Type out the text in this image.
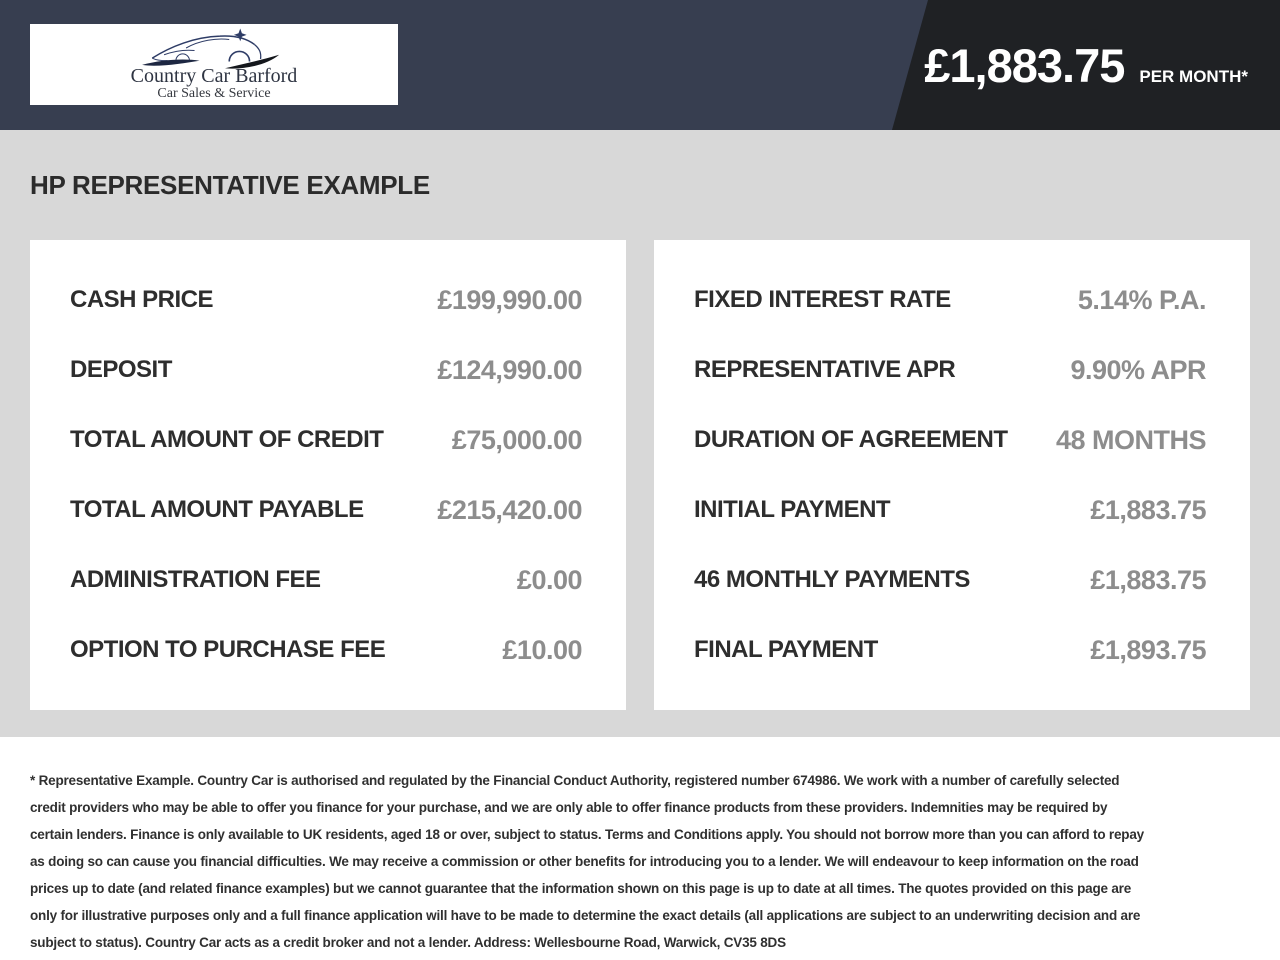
Country Car Barford
Car Sales & Service
£1,883.75 PER MONTH*
HP REPRESENTATIVE EXAMPLE
CASH PRICE	£199,990.00
DEPOSIT	£124,990.00
TOTAL AMOUNT OF CREDIT	£75,000.00
TOTAL AMOUNT PAYABLE	£215,420.00
ADMINISTRATION FEE	£0.00
OPTION TO PURCHASE FEE	£10.00
FIXED INTEREST RATE	5.14% P.A.
REPRESENTATIVE APR	9.90% APR
DURATION OF AGREEMENT 48 MONTHS
INITIAL PAYMENT	£1,883.75
46 MONTHLY PAYMENTS	£1,883.75
FINAL PAYMENT	£1,893.75

* Representative Example. Country Car is authorised and regulated by the Financial Conduct Authority, registered number 674986. We work with a number of carefully selected credit providers who may be able to offer you finance for your purchase, and we are only able to offer finance products from these providers. Indemnities may be required by certain lenders. Finance is only available to UK residents, aged 18 or over, subject to status. Terms and Conditions apply. You should not borrow more than you can afford to repay as doing so can cause you financial difficulties. We may receive a commission or other benefits for introducing you to a lender. We will endeavour to keep information on the road prices up to date (and related finance examples) but we cannot guarantee that the information shown on this page is up to date at all times. The quotes provided on this page are only for illustrative purposes only and a full finance application will have to be made to determine the exact details (all applications are subject to an underwriting decision and are subject to status). Country Car acts as a credit broker and not a lender. Address: Wellesbourne Road, Warwick, CV35 8DS
